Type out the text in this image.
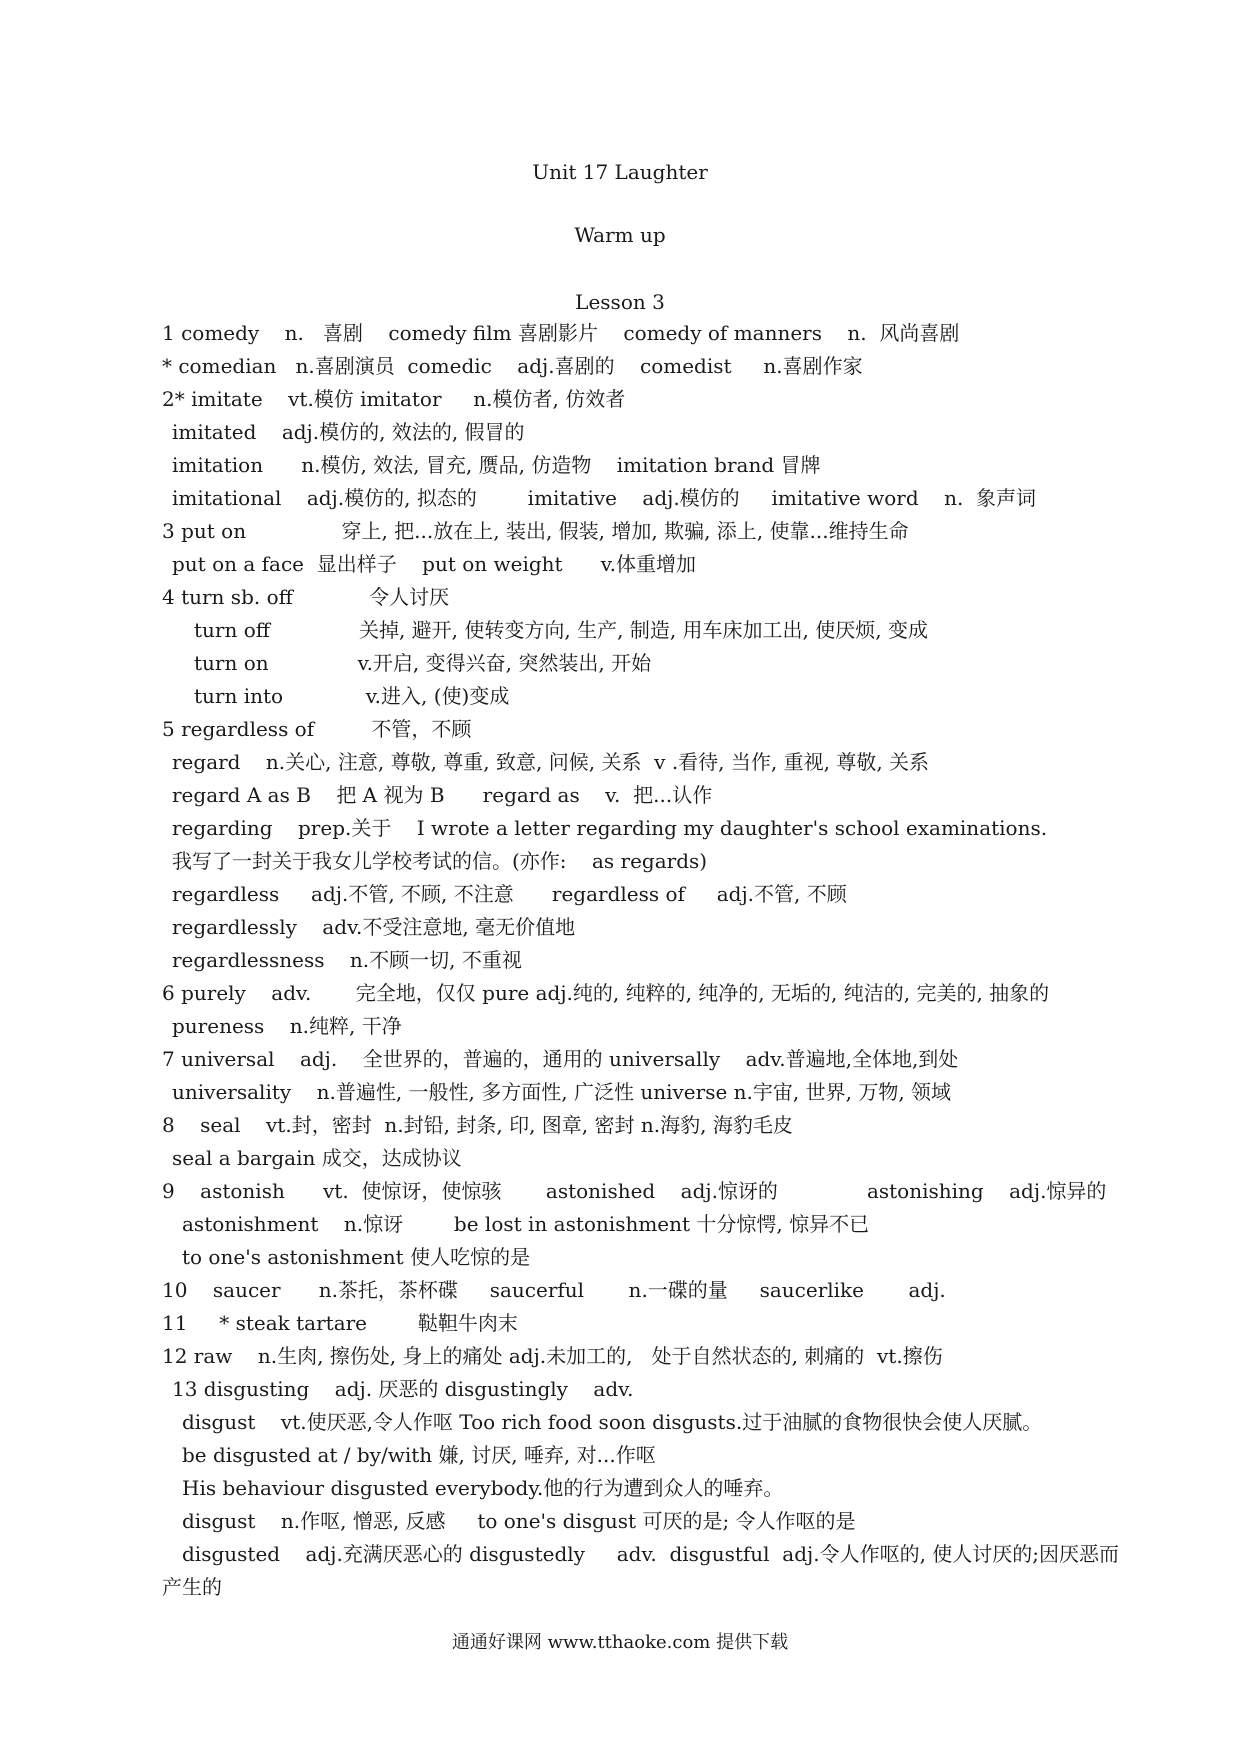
Unit 17 Laughter
Warm up
Lesson 3
1 comedy    n.   喜剧    comedy film 喜剧影片    comedy of manners    n.  风尚喜剧
* comedian   n.喜剧演员  comedic    adj.喜剧的    comedist     n.喜剧作家
2* imitate    vt.模仿 imitator     n.模仿者, 仿效者
imitated    adj.模仿的, 效法的, 假冒的
imitation      n.模仿, 效法, 冒充, 赝品, 仿造物    imitation brand 冒牌
imitational    adj.模仿的, 拟态的        imitative    adj.模仿的     imitative word    n.  象声词
3 put on               穿上, 把...放在上, 装出, 假装, 增加, 欺骗, 添上, 使靠...维持生命
put on a face  显出样子    put on weight      v.体重增加
4 turn sb. off            令人讨厌
turn off              关掉, 避开, 使转变方向, 生产, 制造, 用车床加工出, 使厌烦, 变成
turn on              v.开启, 变得兴奋, 突然装出, 开始
turn into             v.进入, (使)变成
5 regardless of         不管，不顾
regard    n.关心, 注意, 尊敬, 尊重, 致意, 问候, 关系  v .看待, 当作, 重视, 尊敬, 关系
regard A as B    把 A 视为 B      regard as    v.  把...认作
regarding    prep.关于    I wrote a letter regarding my daughter's school examinations.
我写了一封关于我女儿学校考试的信。(亦作:    as regards)
regardless     adj.不管, 不顾, 不注意      regardless of     adj.不管, 不顾
regardlessly    adv.不受注意地, 毫无价值地
regardlessness    n.不顾一切, 不重视
6 purely    adv.       完全地，仅仅 pure adj.纯的, 纯粹的, 纯净的, 无垢的, 纯洁的, 完美的, 抽象的
pureness    n.纯粹, 干净
7 universal    adj.    全世界的，普遍的，通用的 universally    adv.普遍地,全体地,到处
universality    n.普遍性, 一般性, 多方面性, 广泛性 universe n.宇宙, 世界, 万物, 领域
8    seal    vt.封，密封  n.封铅, 封条, 印, 图章, 密封 n.海豹, 海豹毛皮
seal a bargain 成交，达成协议
9    astonish      vt.  使惊讶，使惊骇       astonished    adj.惊讶的              astonishing    adj.惊异的
astonishment    n.惊讶        be lost in astonishment 十分惊愕, 惊异不已
to one's astonishment 使人吃惊的是
10    saucer      n.茶托，茶杯碟     saucerful       n.一碟的量     saucerlike       adj.
11     * steak tartare        鞑靼牛肉末
12 raw    n.生肉, 擦伤处, 身上的痛处 adj.未加工的,   处于自然状态的, 刺痛的  vt.擦伤
13 disgusting    adj. 厌恶的 disgustingly    adv.
disgust    vt.使厌恶,令人作呕 Too rich food soon disgusts.过于油腻的食物很快会使人厌腻。
be disgusted at / by/with 嫌, 讨厌, 唾弃, 对...作呕
His behaviour disgusted everybody.他的行为遭到众人的唾弃。
disgust    n.作呕, 憎恶, 反感     to one's disgust 可厌的是; 令人作呕的是
disgusted    adj.充满厌恶心的 disgustedly     adv.  disgustful  adj.令人作呕的, 使人讨厌的;因厌恶而
产生的
通通好课网 www.tthaoke.com 提供下载
